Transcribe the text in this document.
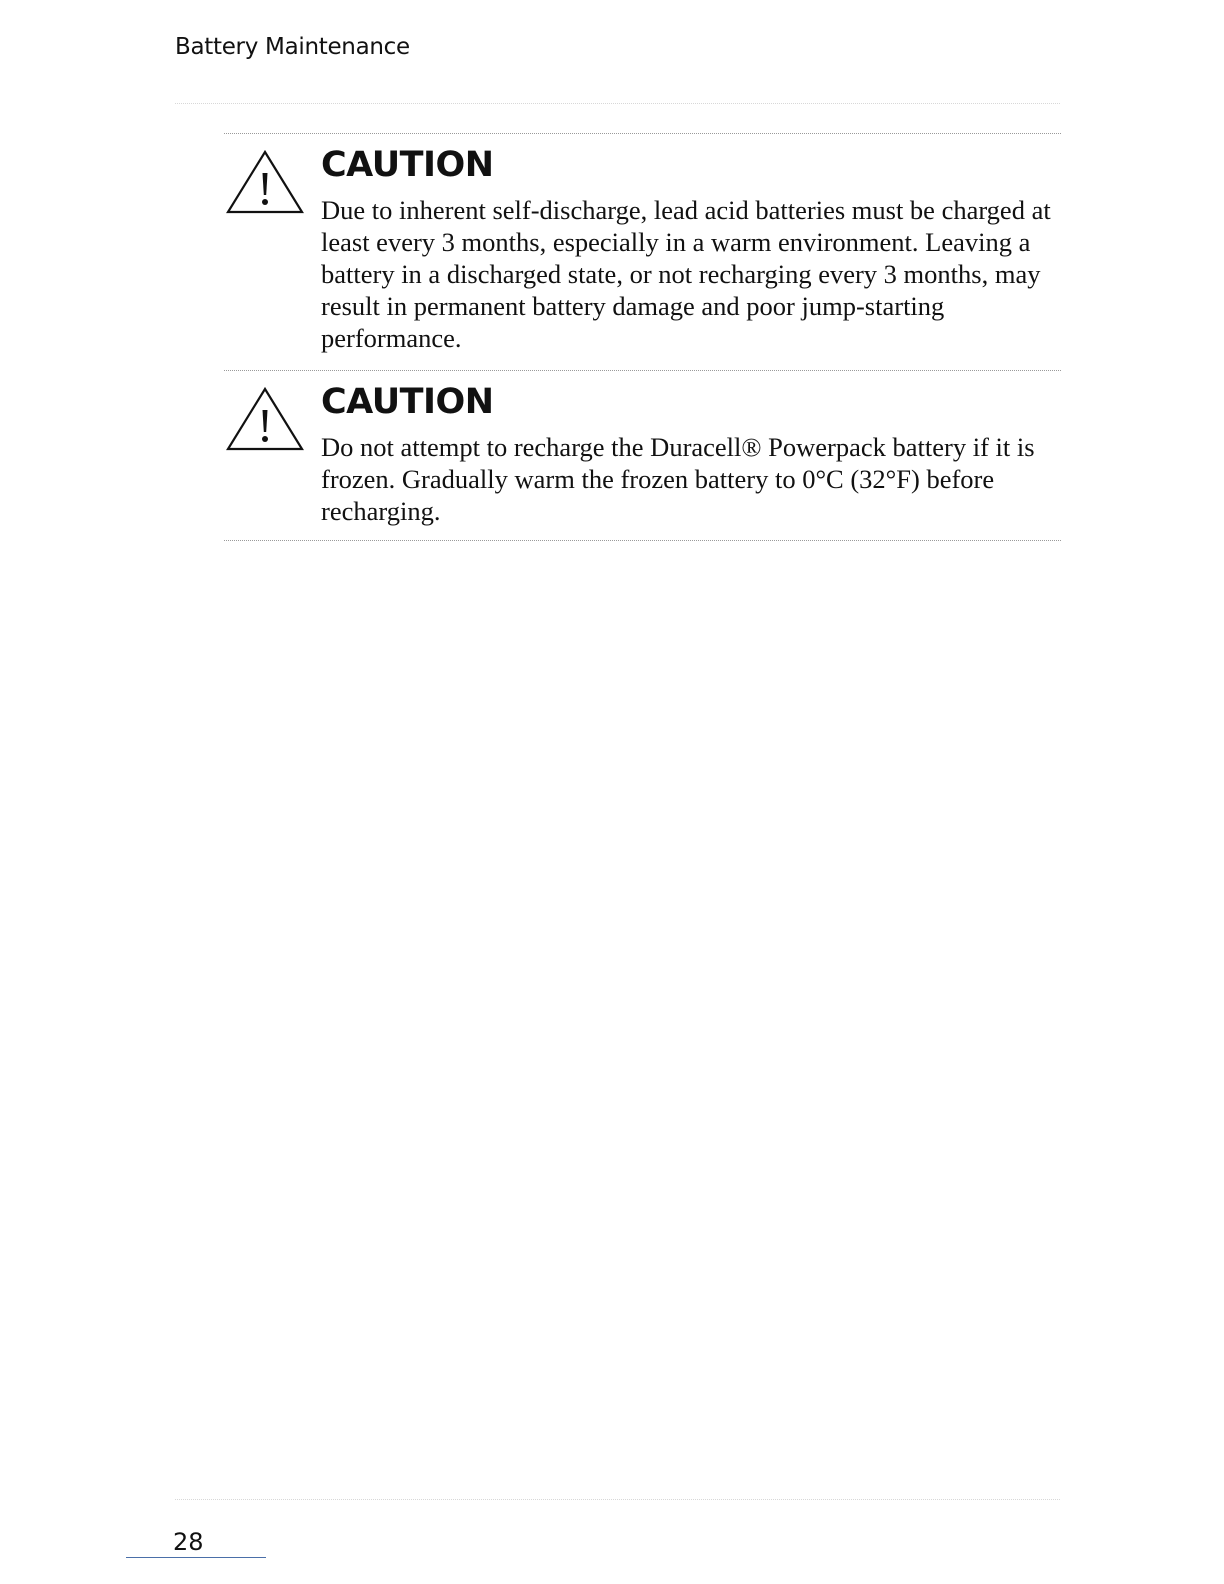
Battery Maintenance
CAUTION
Due to inherent self-discharge, lead acid batteries must be charged at least every 3 months, especially in a warm environment. Leaving a battery in a discharged state, or not recharging every 3 months, may result in permanent battery damage and poor jump-starting performance.
CAUTION
Do not attempt to recharge the Duracell® Powerpack battery if it is frozen. Gradually warm the frozen battery to 0°C (32°F) before recharging.
28
